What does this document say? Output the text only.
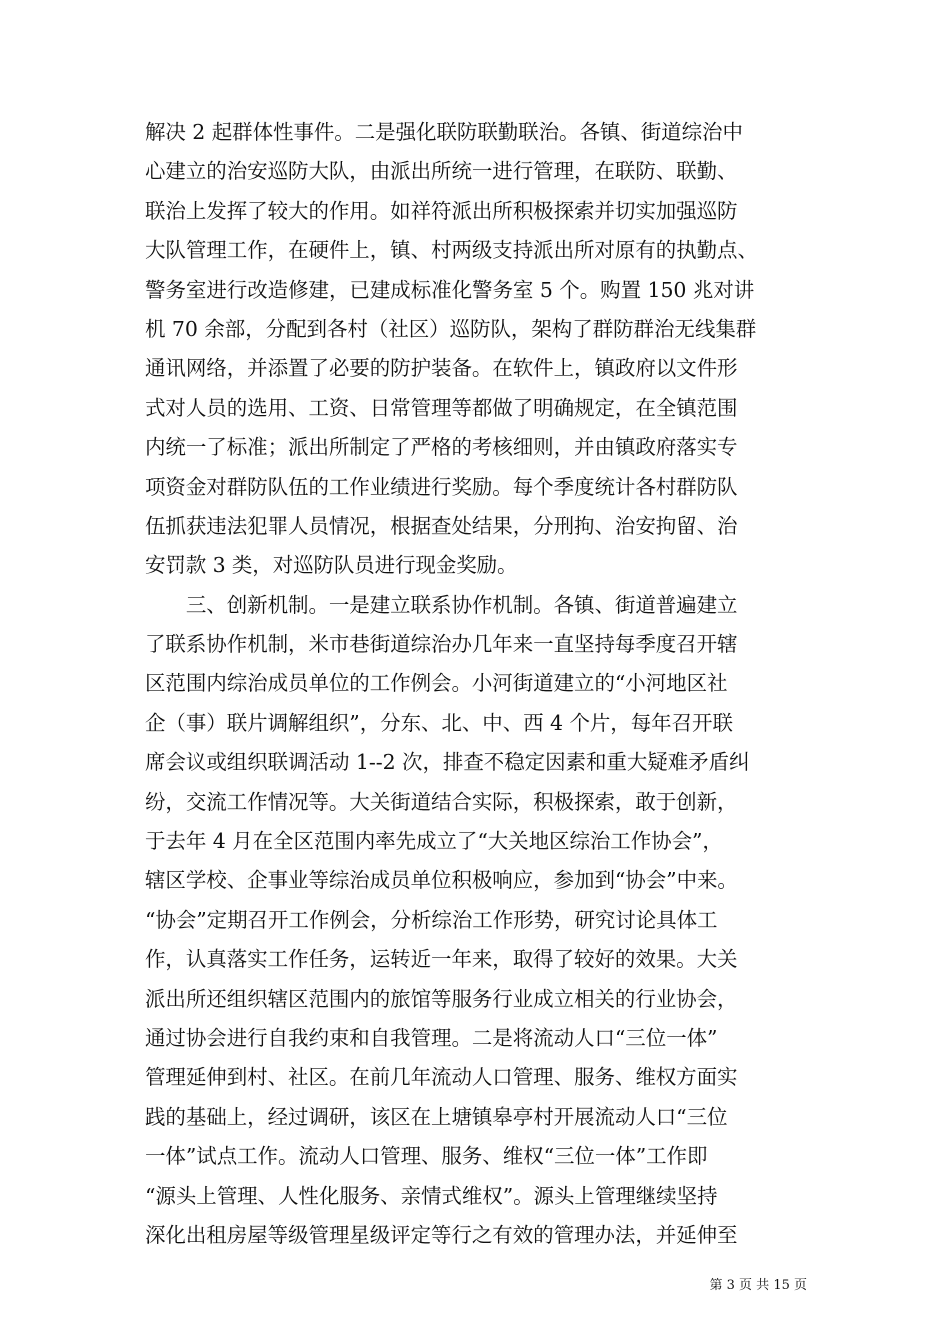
解决 2 起群体性事件。二是强化联防联勤联治。各镇、街道综治中
心建立的治安巡防大队，由派出所统一进行管理，在联防、联勤、
联治上发挥了较大的作用。如祥符派出所积极探索并切实加强巡防
大队管理工作，在硬件上，镇、村两级支持派出所对原有的执勤点、
警务室进行改造修建，已建成标准化警务室 5 个。购置 150 兆对讲
机 70 余部，分配到各村（社区）巡防队，架构了群防群治无线集群
通讯网络，并添置了必要的防护装备。在软件上，镇政府以文件形
式对人员的选用、工资、日常管理等都做了明确规定，在全镇范围
内统一了标准；派出所制定了严格的考核细则，并由镇政府落实专
项资金对群防队伍的工作业绩进行奖励。每个季度统计各村群防队
伍抓获违法犯罪人员情况，根据查处结果，分刑拘、治安拘留、治
安罚款 3 类，对巡防队员进行现金奖励。
　　三、创新机制。一是建立联系协作机制。各镇、街道普遍建立
了联系协作机制，米市巷街道综治办几年来一直坚持每季度召开辖
区范围内综治成员单位的工作例会。小河街道建立的“小河地区社
企（事）联片调解组织”，分东、北、中、西 4 个片，每年召开联
席会议或组织联调活动 1--2 次，排查不稳定因素和重大疑难矛盾纠
纷，交流工作情况等。大关街道结合实际，积极探索，敢于创新，
于去年 4 月在全区范围内率先成立了“大关地区综治工作协会”，
辖区学校、企事业等综治成员单位积极响应，参加到“协会”中来。
“协会”定期召开工作例会，分析综治工作形势，研究讨论具体工
作，认真落实工作任务，运转近一年来，取得了较好的效果。大关
派出所还组织辖区范围内的旅馆等服务行业成立相关的行业协会，
通过协会进行自我约束和自我管理。二是将流动人口“三位一体”
管理延伸到村、社区。在前几年流动人口管理、服务、维权方面实
践的基础上，经过调研，该区在上塘镇皋亭村开展流动人口“三位
一体”试点工作。流动人口管理、服务、维权“三位一体”工作即
“源头上管理、人性化服务、亲情式维权”。源头上管理继续坚持
深化出租房屋等级管理星级评定等行之有效的管理办法，并延伸至
第 3 页 共 15 页
